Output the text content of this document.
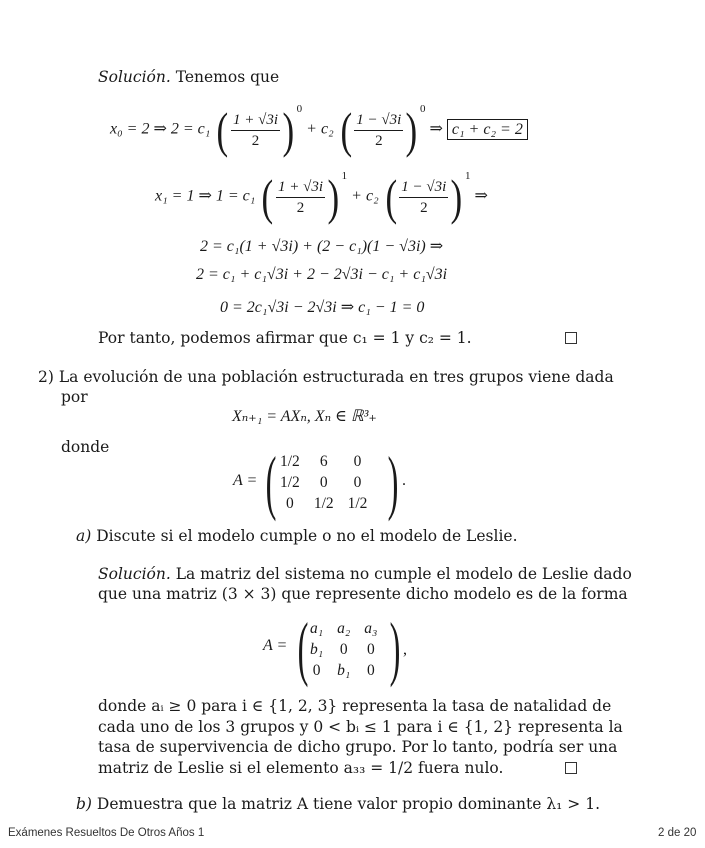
Solución. Tenemos que
x₀ = 2 ⇒ 2 = c₁ ( $\frac{1 + √3i}{2}$ ) $^0$ + c₂ ( $\frac{1 - √3i}{2}$ ) $^0$ ⇒ c₁ + c₂ = 2
x₁ = 1 ⇒ 1 = c₁ ( $\frac{1 + √3i}{2}$ ) $^1$ + c₂ ( $\frac{1 - √3i}{2}$ ) $^1$ ⇒
2 = c₁(1 + √3i) + (2 − c₁)(1 − √3i) ⇒
2 = c₁ + c₁√3i + 2 − 2√3i − c₁ + c₁√3i
0 = 2c₁√3i − 2√3i ⇒ c₁ − 1 = 0
Por tanto, podemos afirmar que c₁ = 1 y c₂ = 1.
2) La evolución de una población estructurada en tres grupos viene dada
por
Xₙ₊₁ = AXₙ, Xₙ ∈ ℝ³₊
donde
A = ( 1/2	6	0
1/2	0	0
0	1/2	1/2 ) .
a) Discute si el modelo cumple o no el modelo de Leslie.
Solución. La matriz del sistema no cumple el modelo de Leslie dado
que una matriz (3 × 3) que represente dicho modelo es de la forma
A = ( a₁	a₂	a₃
b₁	0	0
0	b₁	0 ) ,
donde aᵢ ≥ 0 para i ∈ {1, 2, 3} representa la tasa de natalidad de
cada uno de los 3 grupos y 0 < bᵢ ≤ 1 para i ∈ {1, 2} representa la
tasa de supervivencia de dicho grupo. Por lo tanto, podría ser una
matriz de Leslie si el elemento a₃₃ = 1/2 fuera nulo.
b) Demuestra que la matriz A tiene valor propio dominante λ₁ > 1.
Exámenes Resueltos De Otros Años 1	2 de 20
